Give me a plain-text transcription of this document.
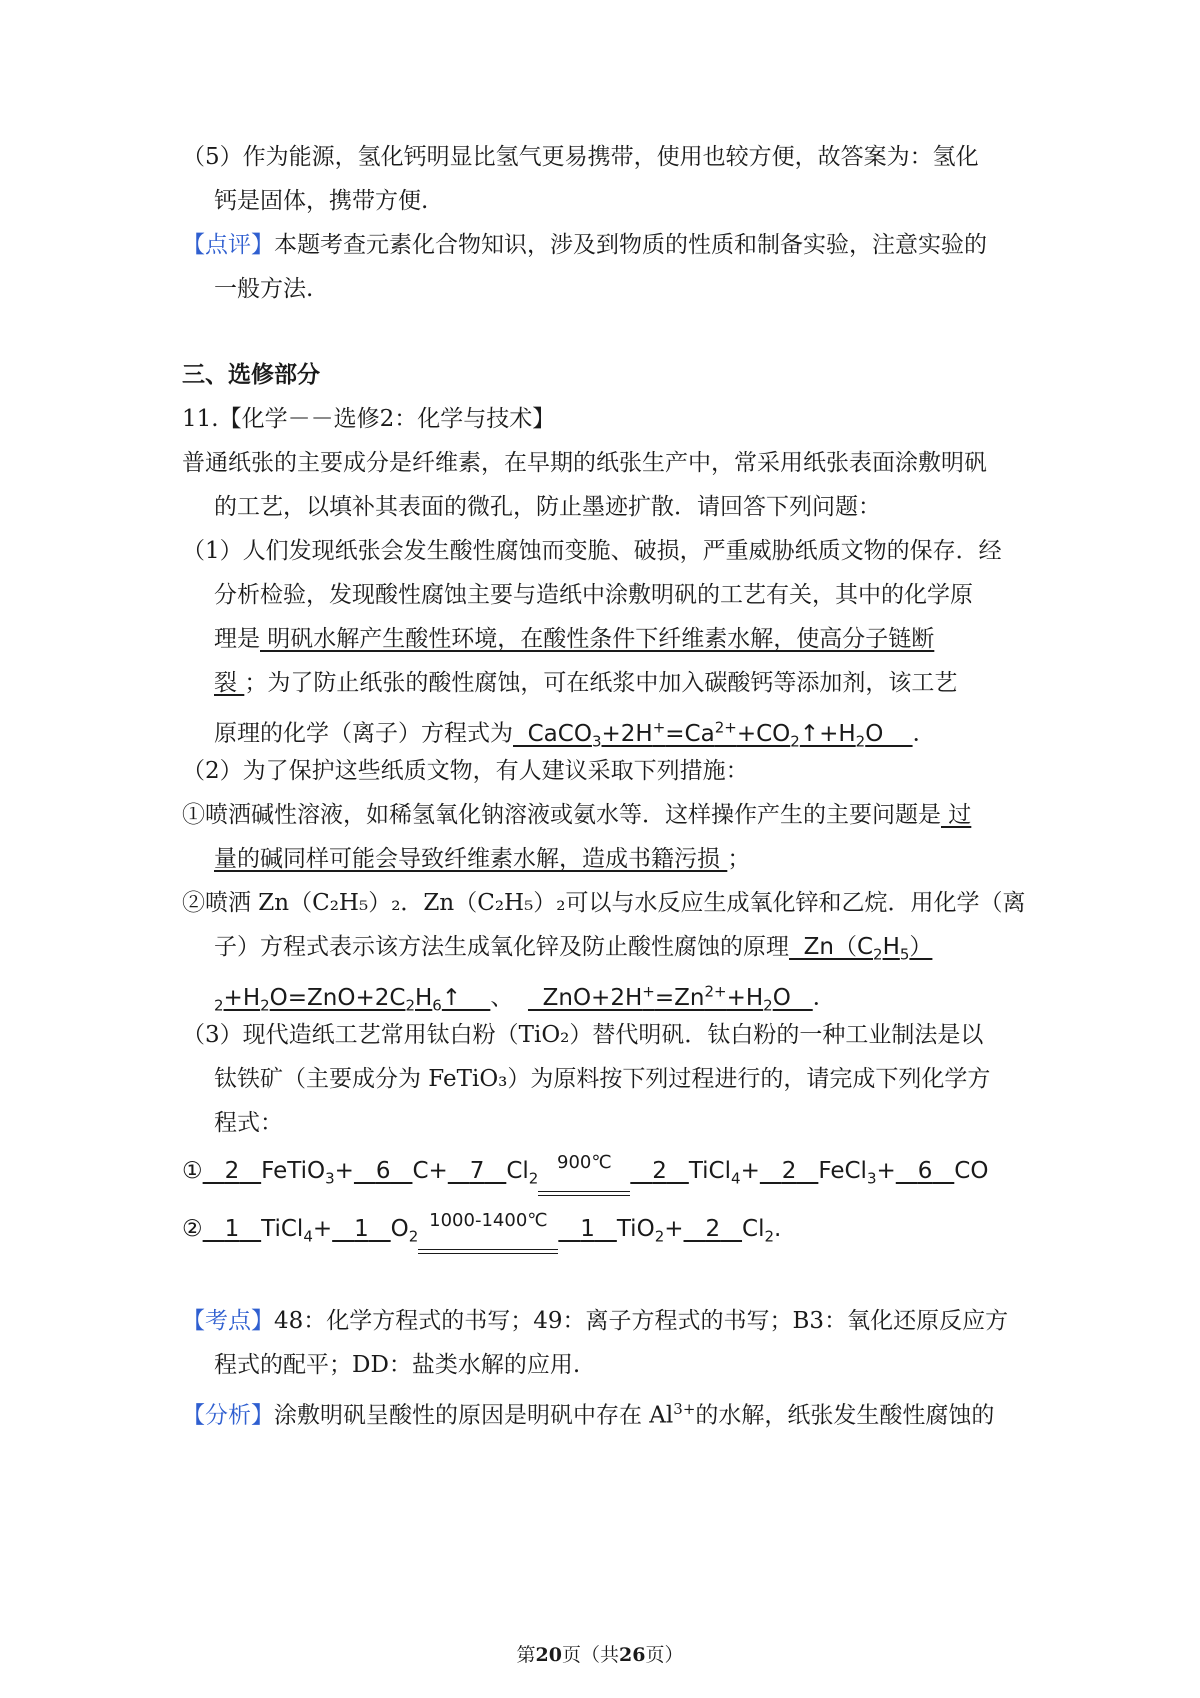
（5）作为能源，氢化钙明显比氢气更易携带，使用也较方便，故答案为：氢化
钙是固体，携带方便.
【点评】本题考查元素化合物知识，涉及到物质的性质和制备实验，注意实验的
一般方法.
三、选修部分
11.【化学－－选修2：化学与技术】
普通纸张的主要成分是纤维素，在早期的纸张生产中，常采用纸张表面涂敷明矾
的工艺，以填补其表面的微孔，防止墨迹扩散．请回答下列问题：
（1）人们发现纸张会发生酸性腐蚀而变脆、破损，严重威胁纸质文物的保存．经
分析检验，发现酸性腐蚀主要与造纸中涂敷明矾的工艺有关，其中的化学原
理是 明矾水解产生酸性环境，在酸性条件下纤维素水解，使高分子链断
裂 ；为了防止纸张的酸性腐蚀，可在纸浆中加入碳酸钙等添加剂，该工艺
原理的化学（离子）方程式为  $CaCO_3+2H^+=Ca^{2+}+CO_2↑+H_2O$    ．
（2）为了保护这些纸质文物，有人建议采取下列措施：
①喷洒碱性溶液，如稀氢氧化钠溶液或氨水等．这样操作产生的主要问题是 过
量的碱同样可能会导致纤维素水解，造成书籍污损 ；
②喷洒 Zn（C₂H₅）₂．Zn（C₂H₅）₂可以与水反应生成氧化锌和乙烷．用化学（离
子）方程式表示该方法生成氧化锌及防止酸性腐蚀的原理  $Zn(C_2H_5)$
$_2+H_2O=ZnO+2C_2H_6↑$    、    $ZnO+2H^+=Zn^{2+}+H_2O$   ．
（3）现代造纸工艺常用钛白粉（TiO₂）替代明矾．钛白粉的一种工业制法是以
钛铁矿（主要成分为 FeTiO₃）为原料按下列过程进行的，请完成下列化学方
程式：
① 2 FeTiO$_3$+ 6 C+ 7 $Cl_2$
900℃	2 TiCl$_4$+ 2 FeCl$_3$+ 6 CO
② 1 TiCl$_4$+ 1 $O_2$
1000-1400℃	1 TiO$_2$+ 2 $Cl_2$.
【考点】48：化学方程式的书写；49：离子方程式的书写；B3：氧化还原反应方
程式的配平；DD：盐类水解的应用.
【分析】涂敷明矾呈酸性的原因是明矾中存在 $Al^{3+}$的水解，纸张发生酸性腐蚀的
第20页（共26页）
